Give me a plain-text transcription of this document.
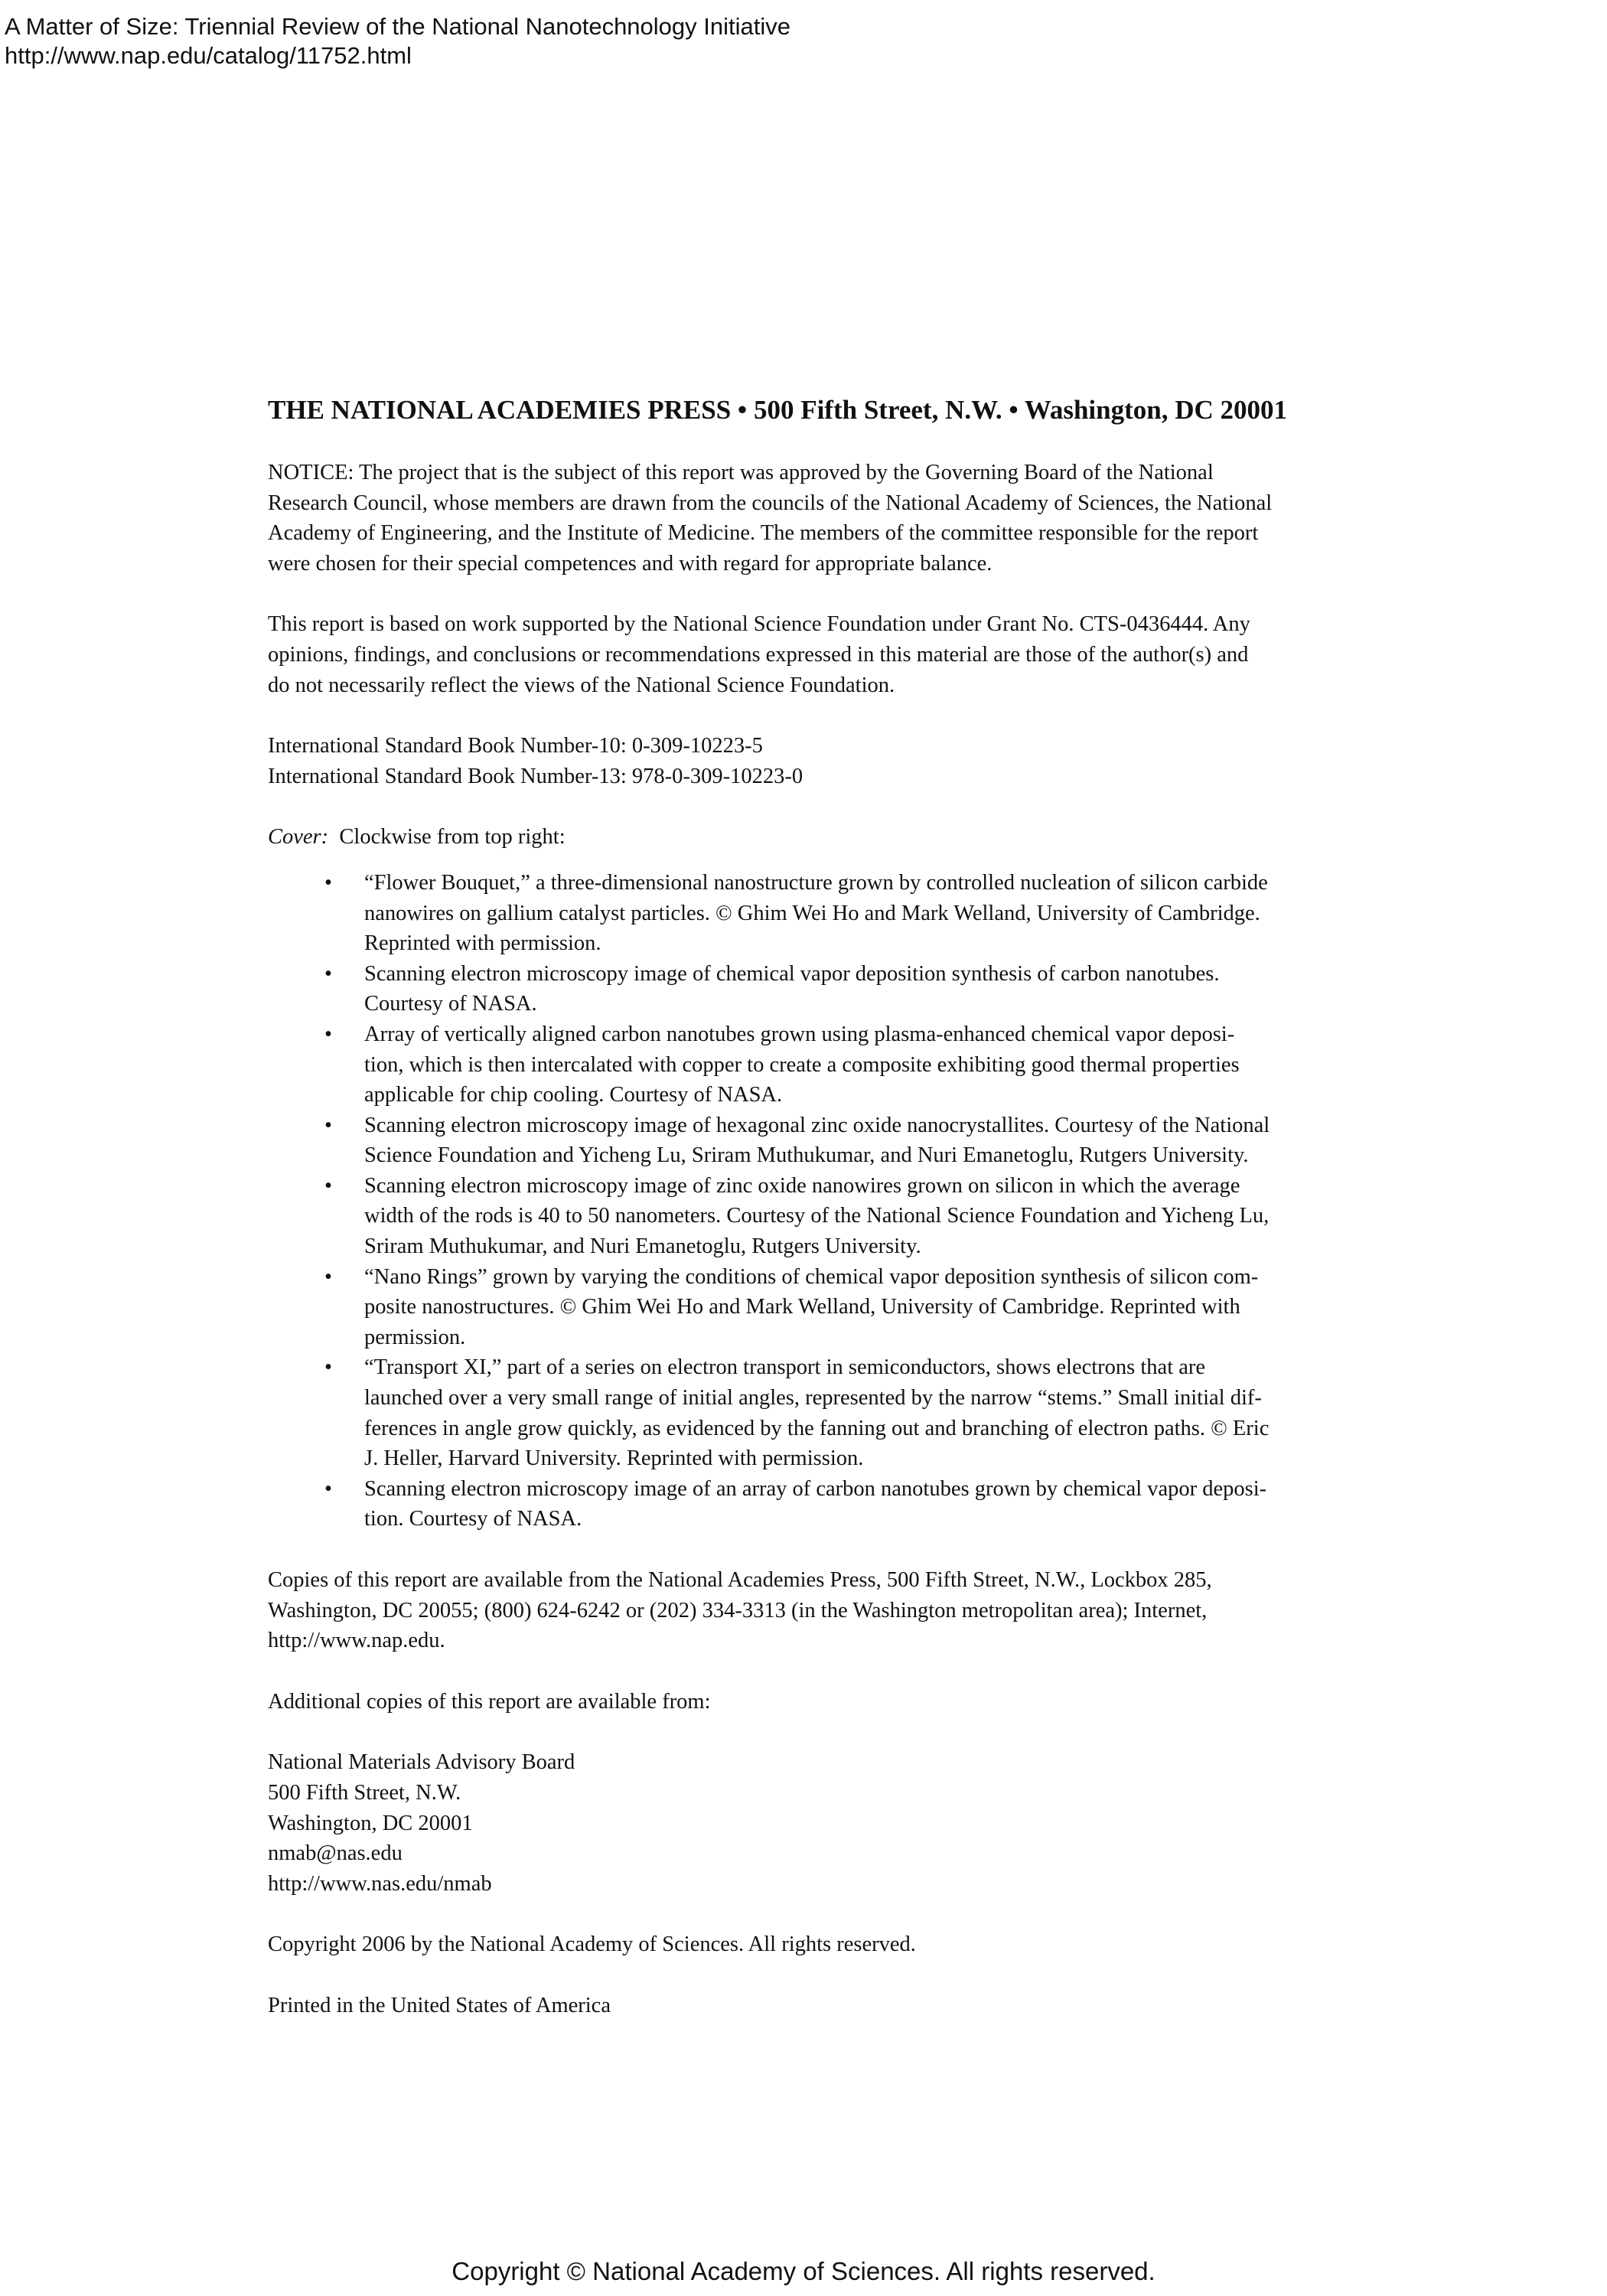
A Matter of Size: Triennial Review of the National Nanotechnology Initiative
http://www.nap.edu/catalog/11752.html
THE NATIONAL ACADEMIES PRESS • 500 Fifth Street, N.W. • Washington, DC 20001
NOTICE: The project that is the subject of this report was approved by the Governing Board of the National
Research Council, whose members are drawn from the councils of the National Academy of Sciences, the National
Academy of Engineering, and the Institute of Medicine. The members of the committee responsible for the report
were chosen for their special competences and with regard for appropriate balance.
This report is based on work supported by the National Science Foundation under Grant No. CTS-0436444. Any
opinions, findings, and conclusions or recommendations expressed in this material are those of the author(s) and
do not necessarily reflect the views of the National Science Foundation.
International Standard Book Number-10: 0-309-10223-5
International Standard Book Number-13: 978-0-309-10223-0
Cover: Clockwise from top right:
• “Flower Bouquet,” a three-dimensional nanostructure grown by controlled nucleation of silicon carbide
nanowires on gallium catalyst particles. © Ghim Wei Ho and Mark Welland, University of Cambridge.
Reprinted with permission.
• Scanning electron microscopy image of chemical vapor deposition synthesis of carbon nanotubes.
Courtesy of NASA.
• Array of vertically aligned carbon nanotubes grown using plasma-enhanced chemical vapor deposi-
tion, which is then intercalated with copper to create a composite exhibiting good thermal properties
applicable for chip cooling. Courtesy of NASA.
• Scanning electron microscopy image of hexagonal zinc oxide nanocrystallites. Courtesy of the National
Science Foundation and Yicheng Lu, Sriram Muthukumar, and Nuri Emanetoglu, Rutgers University.
• Scanning electron microscopy image of zinc oxide nanowires grown on silicon in which the average
width of the rods is 40 to 50 nanometers. Courtesy of the National Science Foundation and Yicheng Lu,
Sriram Muthukumar, and Nuri Emanetoglu, Rutgers University.
• “Nano Rings” grown by varying the conditions of chemical vapor deposition synthesis of silicon com-
posite nanostructures. © Ghim Wei Ho and Mark Welland, University of Cambridge. Reprinted with
permission.
• “Transport XI,” part of a series on electron transport in semiconductors, shows electrons that are
launched over a very small range of initial angles, represented by the narrow “stems.” Small initial dif-
ferences in angle grow quickly, as evidenced by the fanning out and branching of electron paths. © Eric
J. Heller, Harvard University. Reprinted with permission.
• Scanning electron microscopy image of an array of carbon nanotubes grown by chemical vapor deposi-
tion. Courtesy of NASA.
Copies of this report are available from the National Academies Press, 500 Fifth Street, N.W., Lockbox 285,
Washington, DC 20055; (800) 624-6242 or (202) 334-3313 (in the Washington metropolitan area); Internet,
http://www.nap.edu.
Additional copies of this report are available from:
National Materials Advisory Board
500 Fifth Street, N.W.
Washington, DC 20001
nmab@nas.edu
http://www.nas.edu/nmab
Copyright 2006 by the National Academy of Sciences. All rights reserved.
Printed in the United States of America
Copyright © National Academy of Sciences. All rights reserved.
